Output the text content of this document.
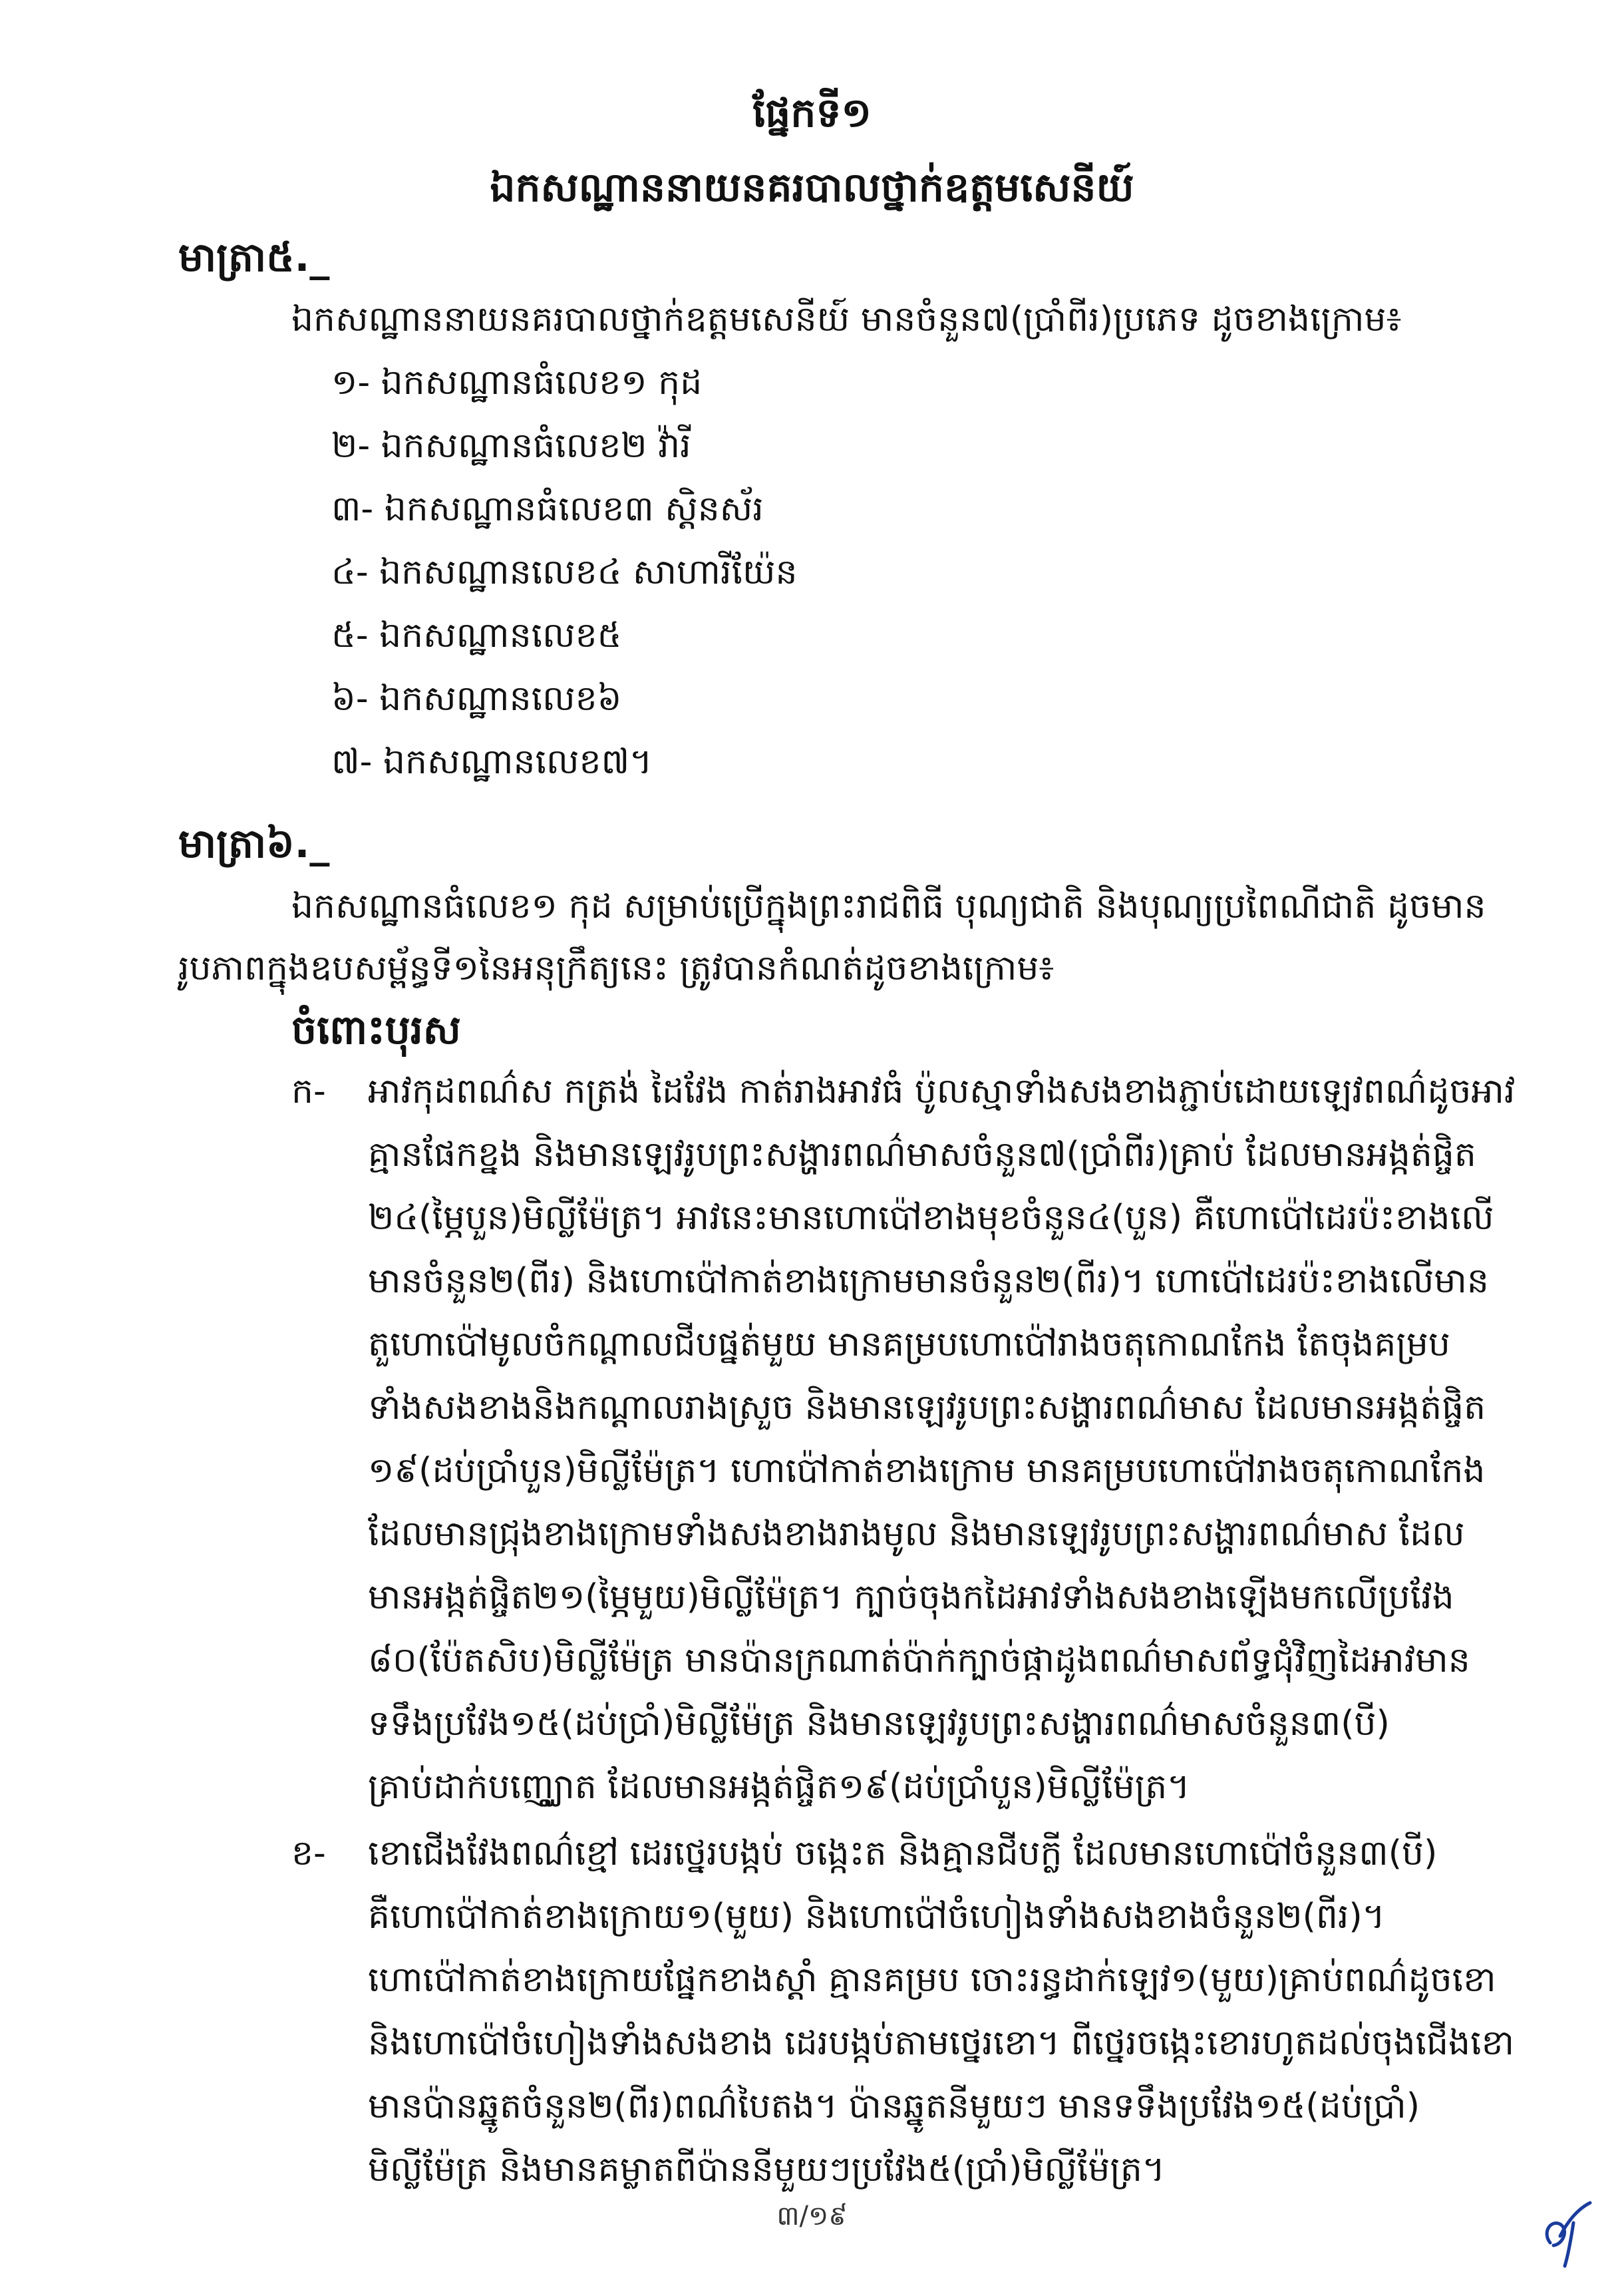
ផ្នែកទី១
ឯកសណ្ឋាននាយនគរបាលថ្នាក់ឧត្តមសេនីយ៍
មាត្រា៥._
ឯកសណ្ឋាននាយនគរបាលថ្នាក់ឧត្តមសេនីយ៍ មានចំនួន៧(ប្រាំពីរ)ប្រភេទ ដូចខាងក្រោម៖
១- ឯកសណ្ឋានធំលេខ១ កុដ
២- ឯកសណ្ឋានធំលេខ២ វ៉ារី
៣- ឯកសណ្ឋានធំលេខ៣ ស្តិនស័រ
៤- ឯកសណ្ឋានលេខ៤ សាហារីយ៉ែន
៥- ឯកសណ្ឋានលេខ៥
៦- ឯកសណ្ឋានលេខ៦
៧- ឯកសណ្ឋានលេខ៧។
មាត្រា៦._
ឯកសណ្ឋានធំលេខ១ កុដ សម្រាប់ប្រើក្នុងព្រះរាជពិធី បុណ្យជាតិ និងបុណ្យប្រពៃណីជាតិ ដូចមាន
រូបភាពក្នុងឧបសម្ព័ន្ធទី១នៃអនុក្រឹត្យនេះ ត្រូវបានកំណត់ដូចខាងក្រោម៖
ចំពោះបុរស
ក- អាវកុដពណ៌ស កត្រង់ ដៃវែង កាត់រាងអាវធំ ប៉ូលស្មាទាំងសងខាងភ្ជាប់ដោយឡេវពណ៌ដូចអាវ
គ្មានផែកខ្នង និងមានឡេវរូបព្រះសង្ហារពណ៌មាសចំនួន៧(ប្រាំពីរ)គ្រាប់ ដែលមានអង្កត់ផ្ចិត
២៤(ម្ភៃបួន)មិល្លីម៉ែត្រ។ អាវនេះមានហោប៉ៅខាងមុខចំនួន៤(បួន) គឺហោប៉ៅដេរប៉ះខាងលើ
មានចំនួន២(ពីរ) និងហោប៉ៅកាត់ខាងក្រោមមានចំនួន២(ពីរ)។ ហោប៉ៅដេរប៉ះខាងលើមាន
តួហោប៉ៅមូលចំកណ្តាលជីបផ្នត់មួយ មានគម្របហោប៉ៅរាងចតុកោណកែង តែចុងគម្រប
ទាំងសងខាងនិងកណ្តាលរាងស្រួច និងមានឡេវរូបព្រះសង្ហារពណ៌មាស ដែលមានអង្កត់ផ្ចិត
១៩(ដប់ប្រាំបួន)មិល្លីម៉ែត្រ។ ហោប៉ៅកាត់ខាងក្រោម មានគម្របហោប៉ៅរាងចតុកោណកែង
ដែលមានជ្រុងខាងក្រោមទាំងសងខាងរាងមូល និងមានឡេវរូបព្រះសង្ហារពណ៌មាស ដែល
មានអង្កត់ផ្ចិត២១(ម្ភៃមួយ)មិល្លីម៉ែត្រ។ ក្បាច់ចុងកដៃអាវទាំងសងខាងឡើងមកលើប្រវែង
៨០(ប៉ែតសិប)មិល្លីម៉ែត្រ មានប៉ានក្រណាត់ប៉ាក់ក្បាច់ផ្កាដូងពណ៌មាសព័ទ្ធជុំវិញដៃអាវមាន
ទទឹងប្រវែង១៥(ដប់ប្រាំ)មិល្លីម៉ែត្រ និងមានឡេវរូបព្រះសង្ហារពណ៌មាសចំនួន៣(បី)
គ្រាប់ដាក់បញ្ឈោត ដែលមានអង្កត់ផ្ចិត១៩(ដប់ប្រាំបួន)មិល្លីម៉ែត្រ។
ខ- ខោជើងវែងពណ៌ខ្មៅ ដេរថ្នេរបង្កប់ ចង្កេះត និងគ្មានជីបក្លី ដែលមានហោប៉ៅចំនួន៣(បី)
គឺហោប៉ៅកាត់ខាងក្រោយ១(មួយ) និងហោប៉ៅចំហៀងទាំងសងខាងចំនួន២(ពីរ)។
ហោប៉ៅកាត់ខាងក្រោយផ្នែកខាងស្តាំ គ្មានគម្រប ចោះរន្ធដាក់ឡេវ១(មួយ)គ្រាប់ពណ៌ដូចខោ
និងហោប៉ៅចំហៀងទាំងសងខាង ដេរបង្កប់តាមថ្នេរខោ។ ពីថ្នេរចង្កេះខោរហូតដល់ចុងជើងខោ
មានប៉ានឆ្នូតចំនួន២(ពីរ)ពណ៌បៃតង។ ប៉ានឆ្នូតនីមួយៗ មានទទឹងប្រវែង១៥(ដប់ប្រាំ)
មិល្លីម៉ែត្រ និងមានគម្លាតពីប៉ាននីមួយៗប្រវែង៥(ប្រាំ)មិល្លីម៉ែត្រ។
៣/១៩
